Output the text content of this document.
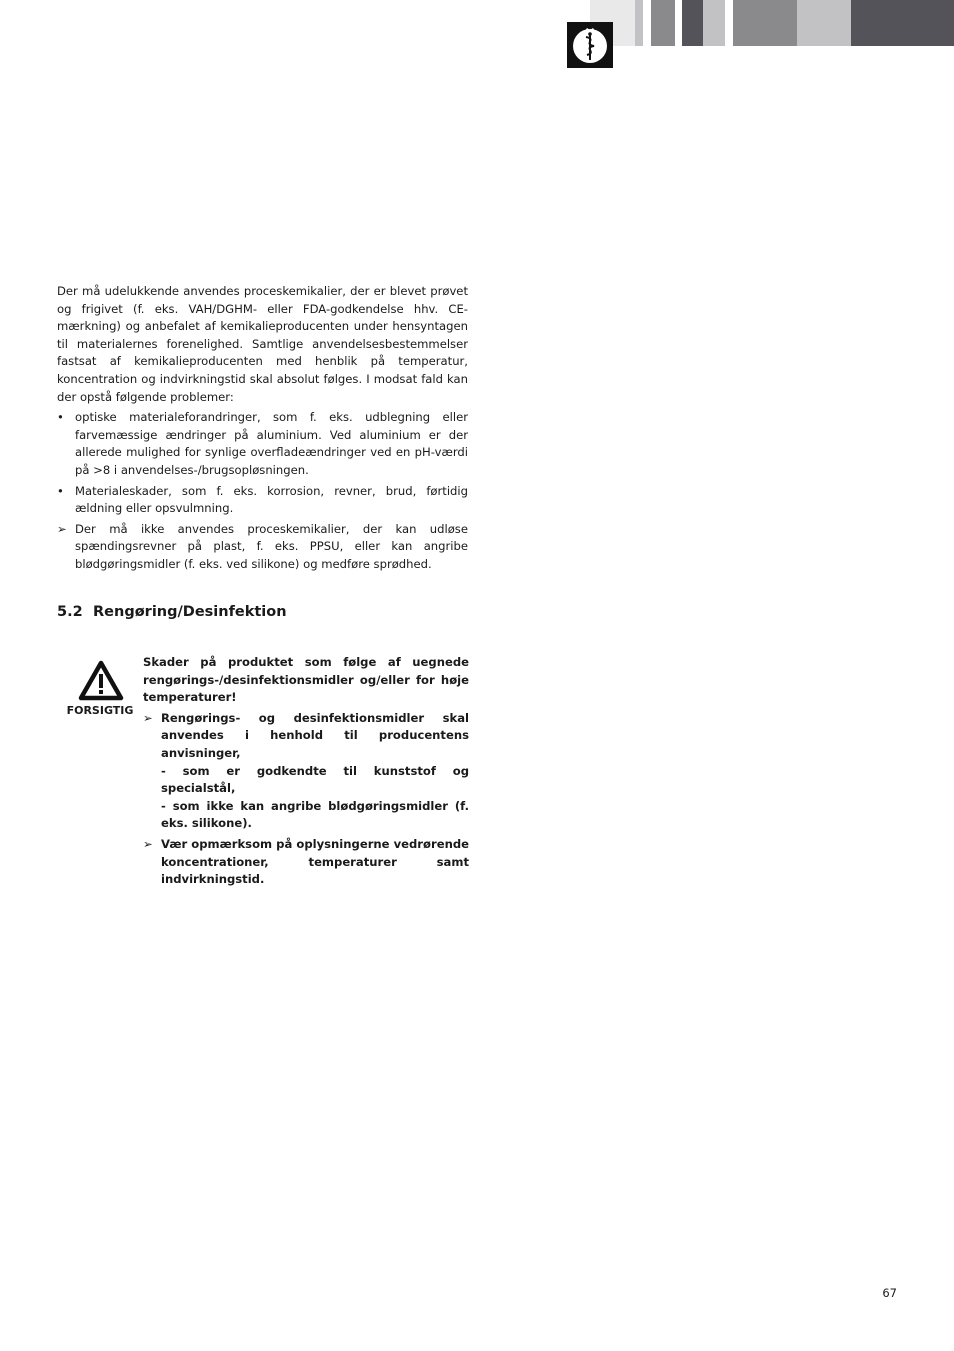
Der må udelukkende anvendes proceskemikalier, der er blevet prøvet og frigivet (f. eks. VAH/DGHM- eller FDA-godkendelse hhv. CE-mærkning) og anbefalet af kemikalieproducenten under hensyntagen til materialernes forenelighed. Samtlige anvendelsesbestemmelser fastsat af kemikalieproducenten med henblik på temperatur, koncentration og indvirkningstid skal absolut følges. I modsat fald kan der opstå følgende problemer:

• optiske materialeforandringer, som f. eks. udblegning eller farvemæssige ændringer på aluminium. Ved aluminium er der allerede mulighed for synlige overfladeændringer ved en pH-værdi på >8 i anvendelses-/brugsopløsningen.
• Materialeskader, som f. eks. korrosion, revner, brud, førtidig ældning eller opsvulmning.
➢ Der må ikke anvendes proceskemikalier, der kan udløse spændingsrevner på plast, f. eks. PPSU, eller kan angribe blødgøringsmidler (f. eks. ved silikone) og medføre sprødhed.
5.2 Rengøring/Desinfektion
FORSIGTIG

Skader på produktet som følge af uegnede rengørings-/desinfektionsmidler og/eller for høje temperaturer!

➢ Rengørings- og desinfektionsmidler skal anvendes i henhold til producentens anvisninger,
- som er godkendte til kunststof og specialstål,
- som ikke kan angribe blødgøringsmidler (f. eks. silikone).
➢ Vær opmærksom på oplysningerne vedrørende koncentrationer, temperaturer samt indvirkningstid.
67
